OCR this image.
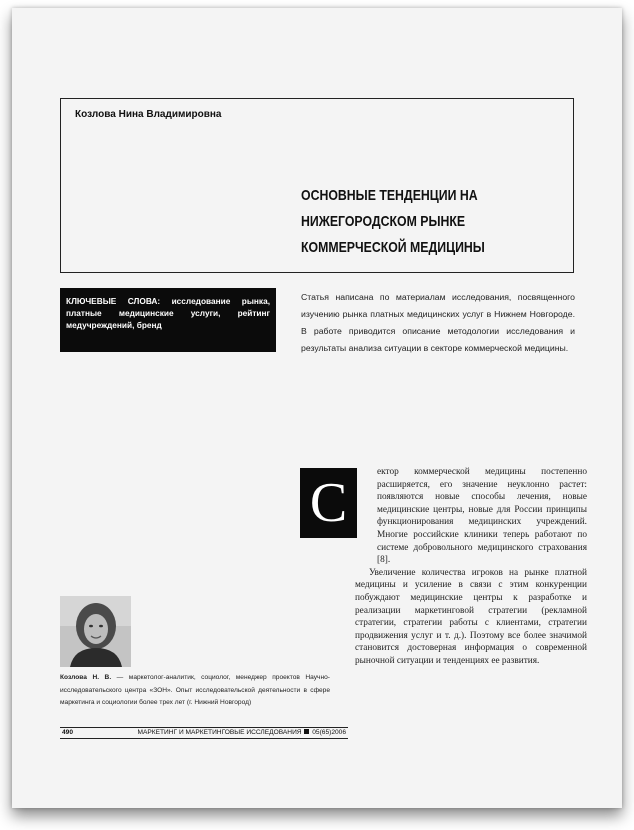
Козлова Нина Владимировна
ОСНОВНЫЕ ТЕНДЕНЦИИ НА
НИЖЕГОРОДСКОМ РЫНКЕ
КОММЕРЧЕСКОЙ МЕДИЦИНЫ
КЛЮЧЕВЫЕ СЛОВА: исследование рынка, платные медицинские услуги, рейтинг медучреждений, бренд
Статья написана по материалам исследования, посвященного изучению рынка платных медицинских услуг в Нижнем Новгороде. В работе приводится описание методологии исследования и результаты анализа ситуации в секторе коммерческой медицины.
С	ектор коммерческой медицины постепенно расширяется, его значение неуклонно растет: появляются новые способы лечения, новые медицинские центры, новые для России принципы функционирования медицинских учреждений. Многие российские клиники теперь работают по системе добровольного медицинского страхования [8].

Увеличение количества игроков на рынке платной медицины и усиление в связи с этим конкуренции побуждают медицинские центры к разработке и реализации маркетинговой стратегии (рекламной стратегии, стратегии работы с клиентами, стратегии продвижения услуг и т. д.). Поэтому все более значимой становится достоверная информация о современной рыночной ситуации и тенденциях ее развития.

Козлова Н. В. — маркетолог-аналитик, социолог, менеджер проектов Научно-исследовательского центра «ЗОН». Опыт исследовательской деятельности в сфере маркетинга и социологии более трех лет (г. Нижний Новгород)
490	МАРКЕТИНГ И МАРКЕТИНГОВЫЕ ИССЛЕДОВАНИЯ 05(65)2006
